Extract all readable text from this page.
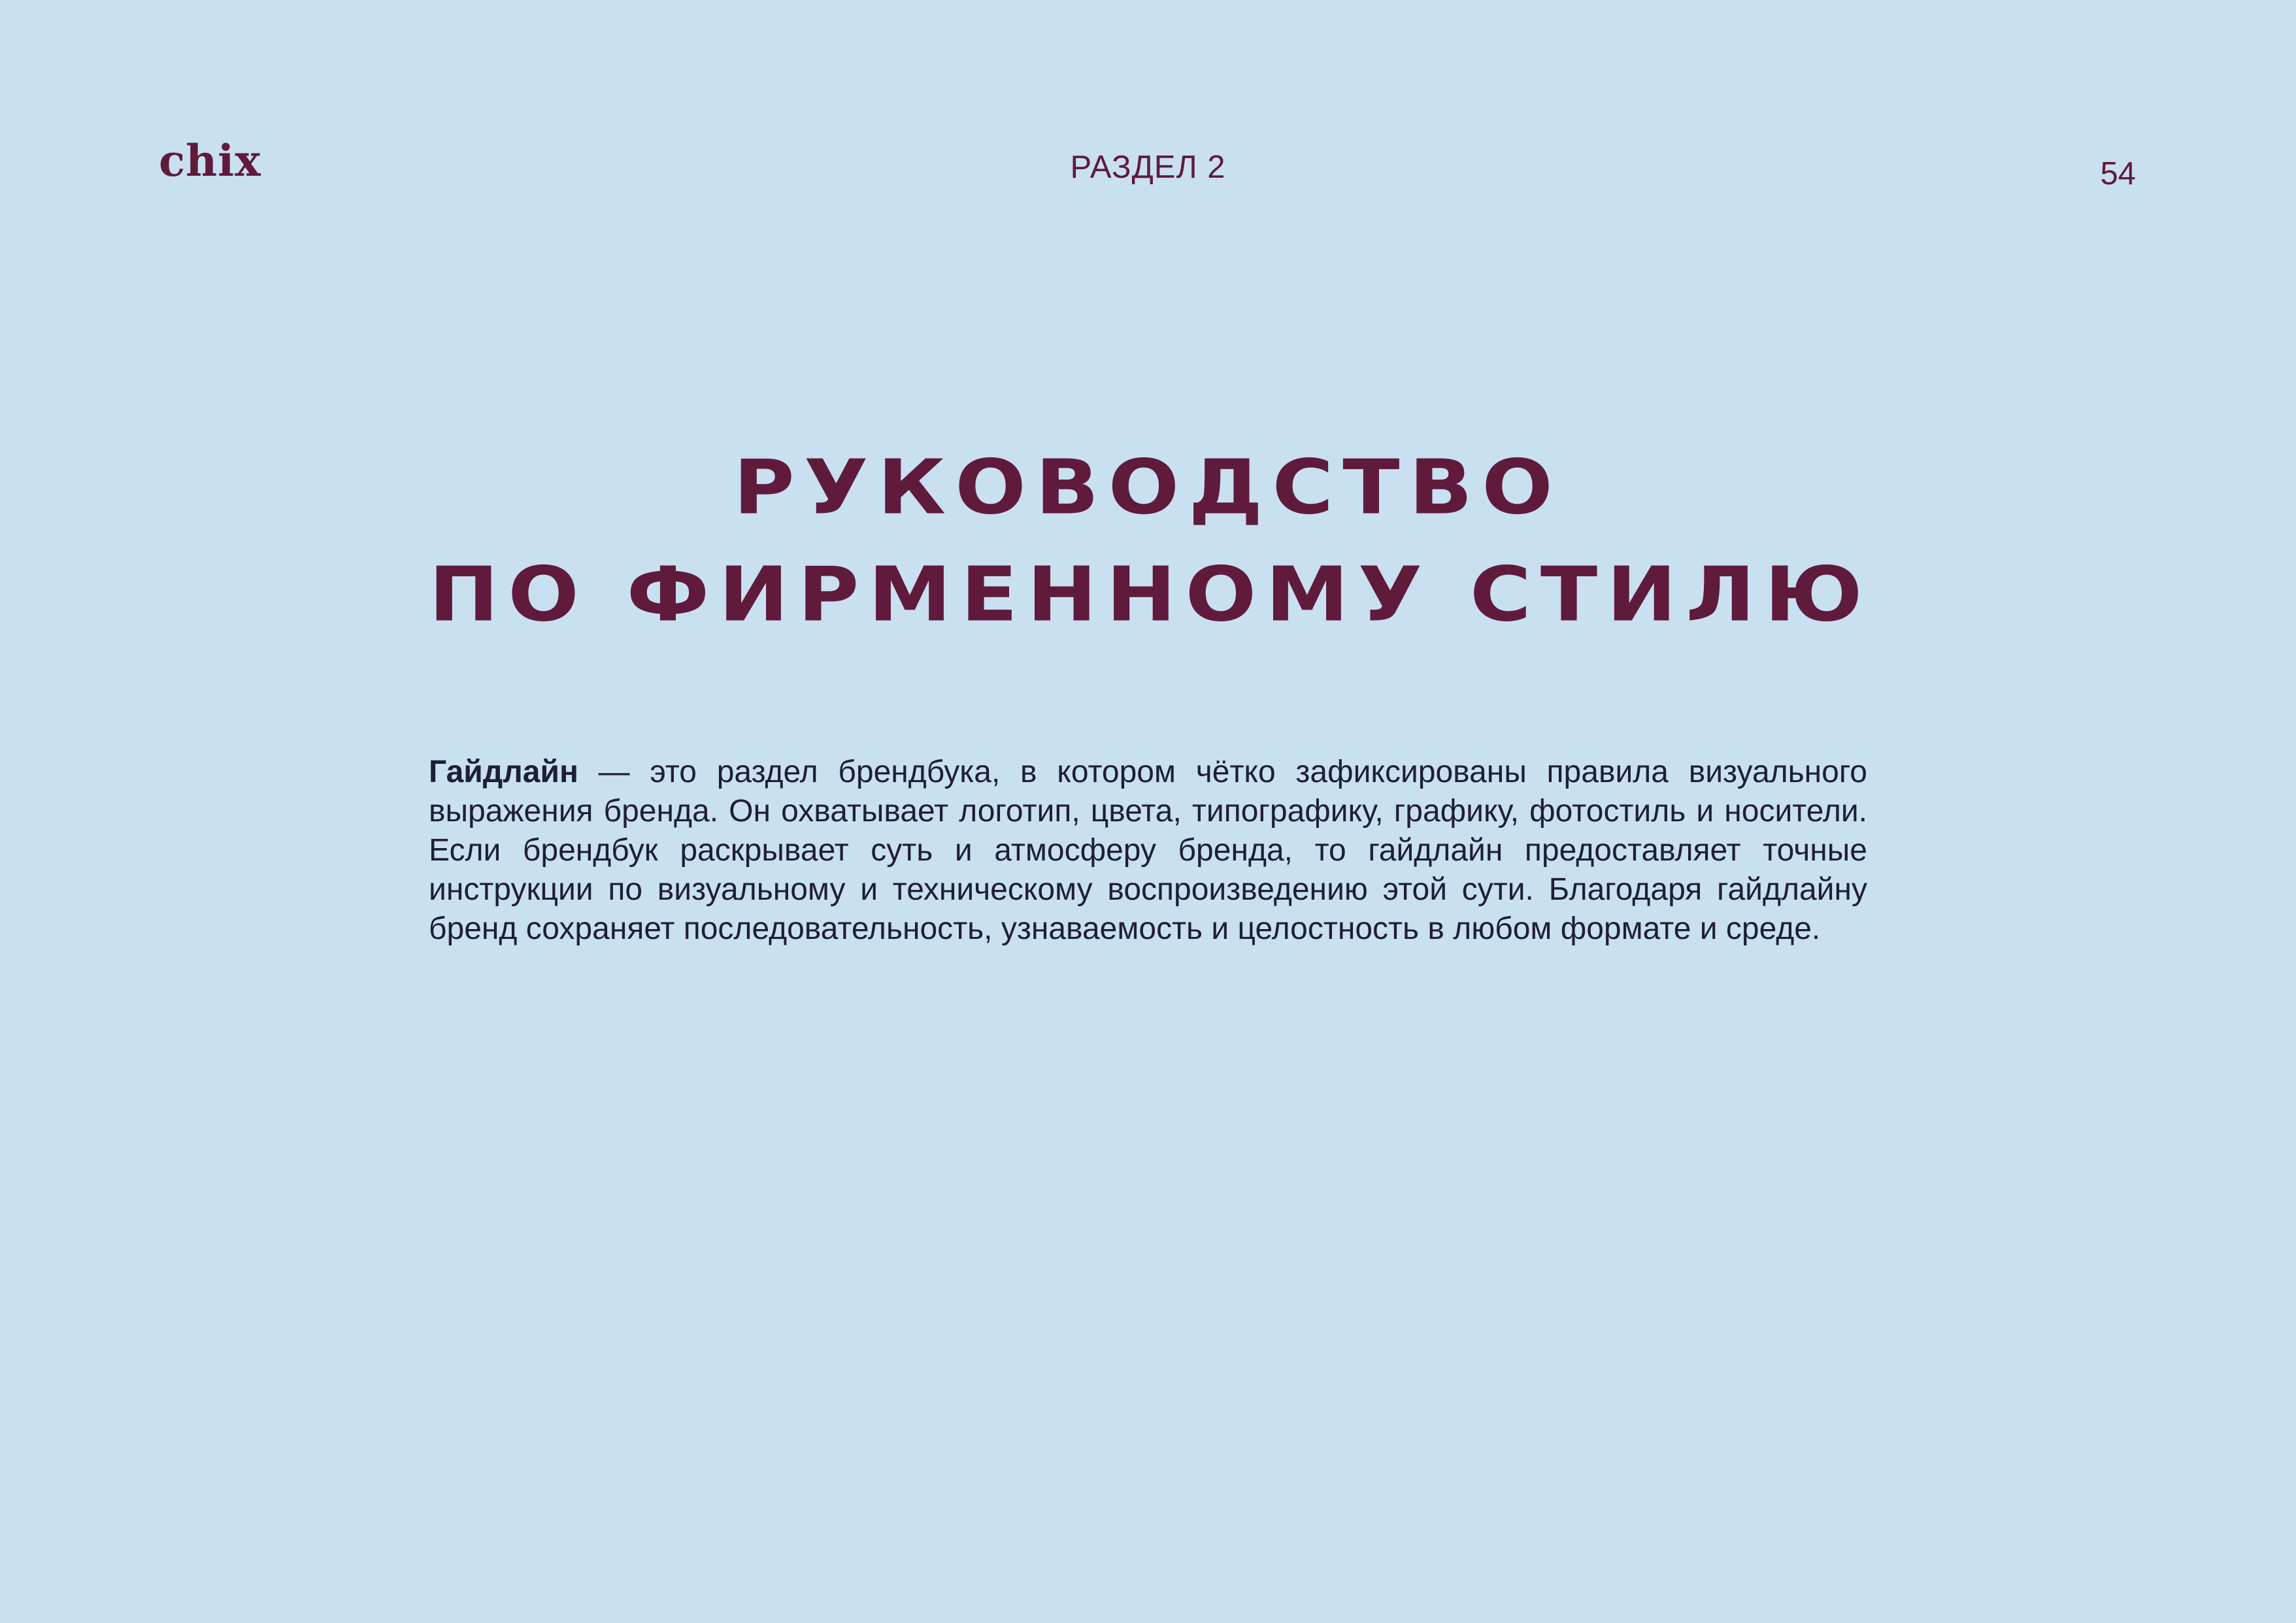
chix	РАЗДЕЛ 2	54
РУКОВОДСТВО
ПО ФИРМЕННОМУ СТИЛЮ

Гайдлайн — это раздел брендбука, в котором чётко зафиксированы правила визуального выражения бренда. Он охватывает логотип, цвета, типографику, графику, фотостиль и носители. Если брендбук раскрывает суть и атмосферу бренда, то гайдлайн предоставляет точные инструкции по визуальному и техническому воспроизведению этой сути. Благодаря гайдлайну бренд сохраняет последовательность, узнаваемость и целостность в любом формате и среде.
